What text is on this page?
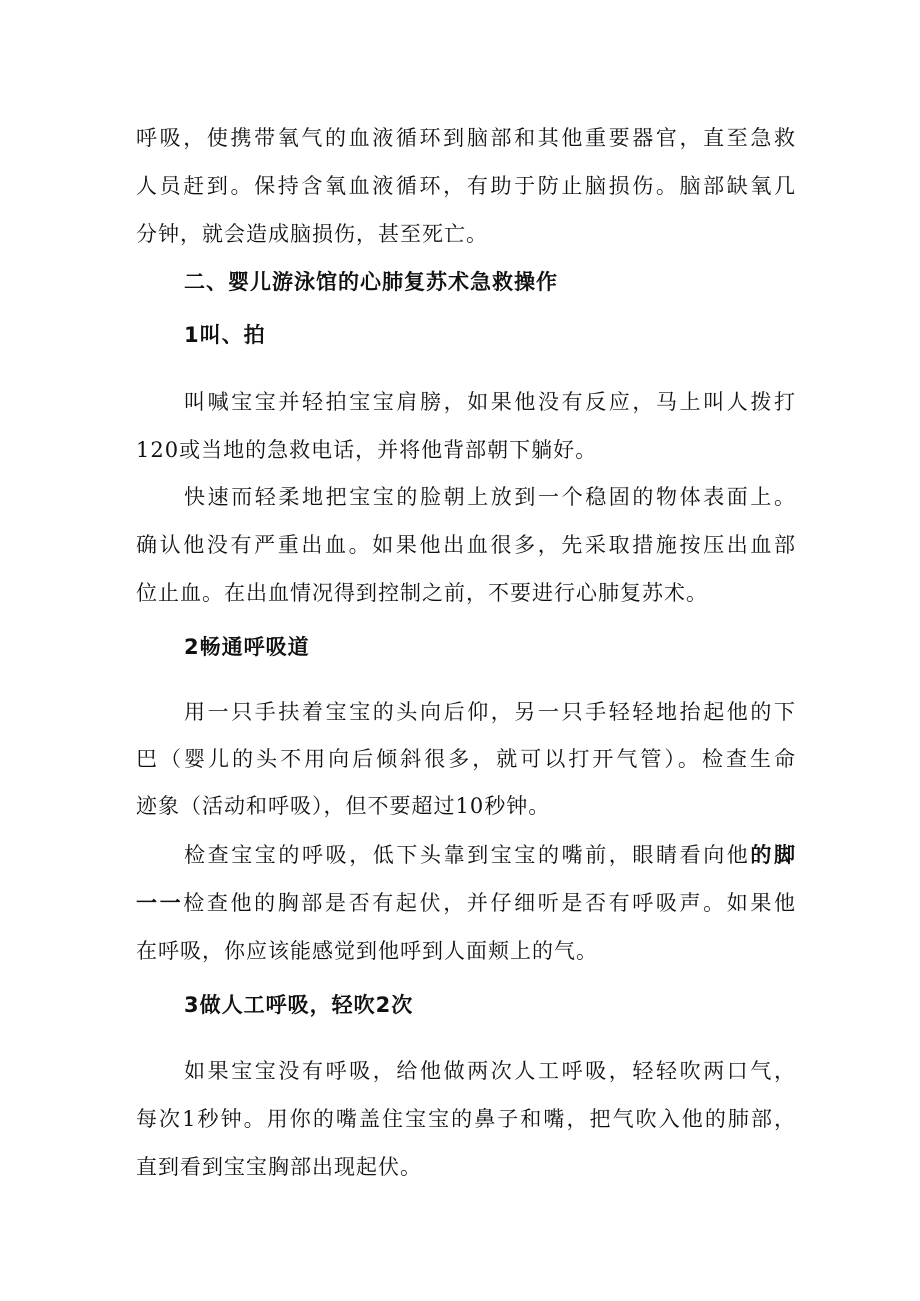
呼吸，使携带氧气的血液循环到脑部和其他重要器官，直至急救
人员赶到。保持含氧血液循环，有助于防止脑损伤。脑部缺氧几
分钟，就会造成脑损伤，甚至死亡。
二、婴儿游泳馆的心肺复苏术急救操作
1叫、拍
叫喊宝宝并轻拍宝宝肩膀，如果他没有反应，马上叫人拨打
120或当地的急救电话，并将他背部朝下躺好。
快速而轻柔地把宝宝的脸朝上放到一个稳固的物体表面上。
确认他没有严重出血。如果他出血很多，先采取措施按压出血部
位止血。在出血情况得到控制之前，不要进行心肺复苏术。
2畅通呼吸道
用一只手扶着宝宝的头向后仰，另一只手轻轻地抬起他的下
巴（婴儿的头不用向后倾斜很多，就可以打开气管）。检查生命
迹象（活动和呼吸），但不要超过10秒钟。
检查宝宝的呼吸，低下头靠到宝宝的嘴前，眼睛看向他的脚
一一检查他的胸部是否有起伏，并仔细听是否有呼吸声。如果他
在呼吸，你应该能感觉到他呼到人面颊上的气。
3做人工呼吸，轻吹2次
如果宝宝没有呼吸，给他做两次人工呼吸，轻轻吹两口气，
每次1秒钟。用你的嘴盖住宝宝的鼻子和嘴，把气吹入他的肺部，
直到看到宝宝胸部出现起伏。
